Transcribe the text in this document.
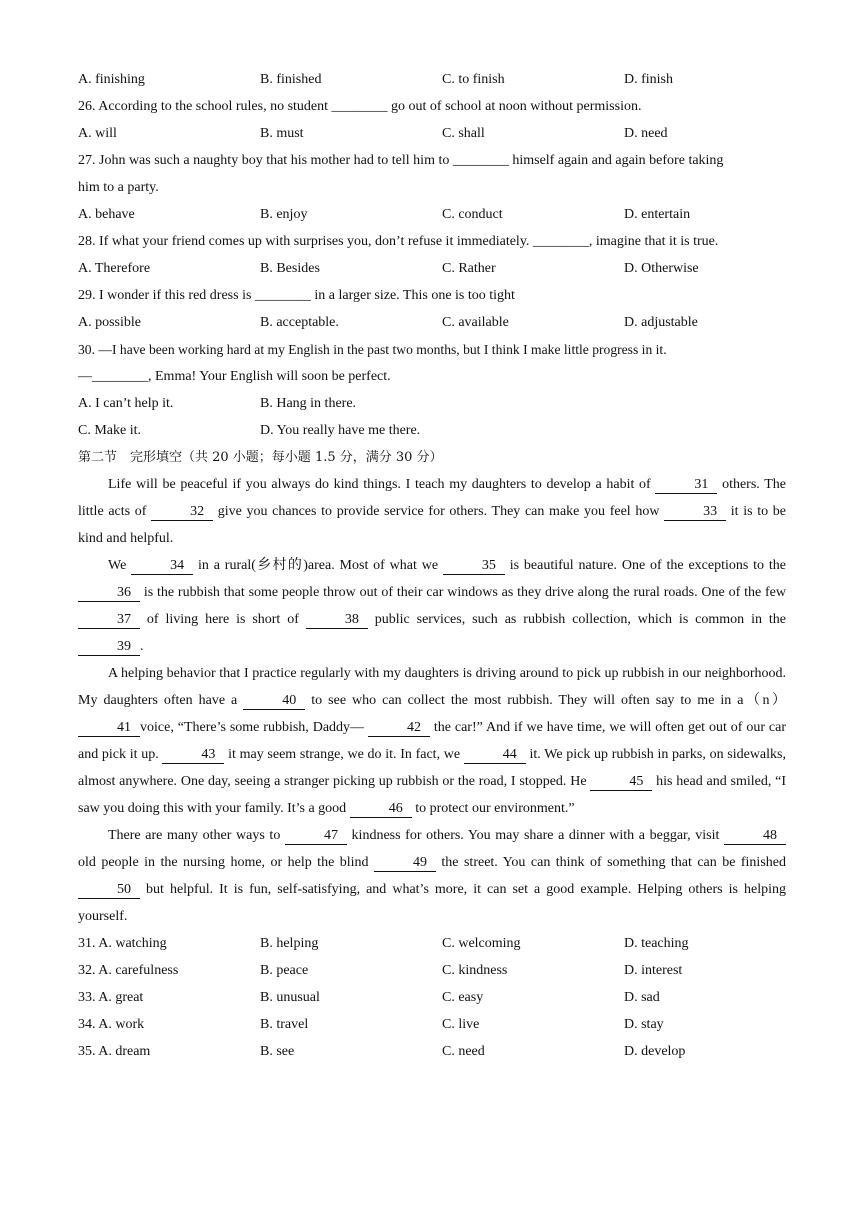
A. finishing	B. finished	C. to finish	D. finish
26. According to the school rules, no student ________ go out of school at noon without permission.
A. will	B. must	C. shall	D. need
27. John was such a naughty boy that his mother had to tell him to ________ himself again and again before taking
him to a party.
A. behave	B. enjoy	C. conduct	D. entertain
28. If what your friend comes up with surprises you, don’t refuse it immediately. ________, imagine that it is true.
A. Therefore	B. Besides	C. Rather	D. Otherwise
29. I wonder if this red dress is ________ in a larger size. This one is too tight
A. possible	B. acceptable.	C. available	D. adjustable
30. —I have been working hard at my English in the past two months, but I think I make little progress in it.
—________, Emma! Your English will soon be perfect.
A. I can’t help it.	B. Hang in there.
C. Make it.	D. You really have me there.
第二节　完形填空（共 20 小题；每小题 1.5 分，满分 30 分）
Life will be peaceful if you always do kind things. I teach my daughters to develop a habit of	31 others. The little acts of	32 give you chances to provide service for others. They can make you feel how	33 it is to be kind and helpful.
We	34 in a rural(乡村的)area. Most of what we	35 is beautiful nature. One of the exceptions to the 36 is the rubbish that some people throw out of their car windows as they drive along the rural roads. One of the few 37 of living here is short of	38 public services, such as rubbish collection, which is common in the 39 .
A helping behavior that I practice regularly with my daughters is driving around to pick up rubbish in our neighborhood. My daughters often have a	40 to see who can collect the most rubbish. They will often say to me in a（n）41 voice, “There’s some rubbish, Daddy—	42 the car!” And if we have time, we will often get out of our car and pick it up.	43 it may seem strange, we do it. In fact, we	44 it. We pick up rubbish in parks, on sidewalks, almost anywhere. One day, seeing a stranger picking up rubbish or the road, I stopped. He	45 his head and smiled, “I saw you doing this with your family. It’s a good	46 to protect our environment.”
There are many other ways to	47 kindness for others. You may share a dinner with a beggar, visit	48 old people in the nursing home, or help the blind	49 the street. You can think of something that can be finished 50 but helpful. It is fun, self-satisfying, and what’s more, it can set a good example. Helping others is helping yourself.
31. A. watching	B. helping	C. welcoming	D. teaching
32. A. carefulness	B. peace	C. kindness	D. interest
33. A. great	B. unusual	C. easy	D. sad
34. A. work	B. travel	C. live	D. stay
35. A. dream	B. see	C. need	D. develop
